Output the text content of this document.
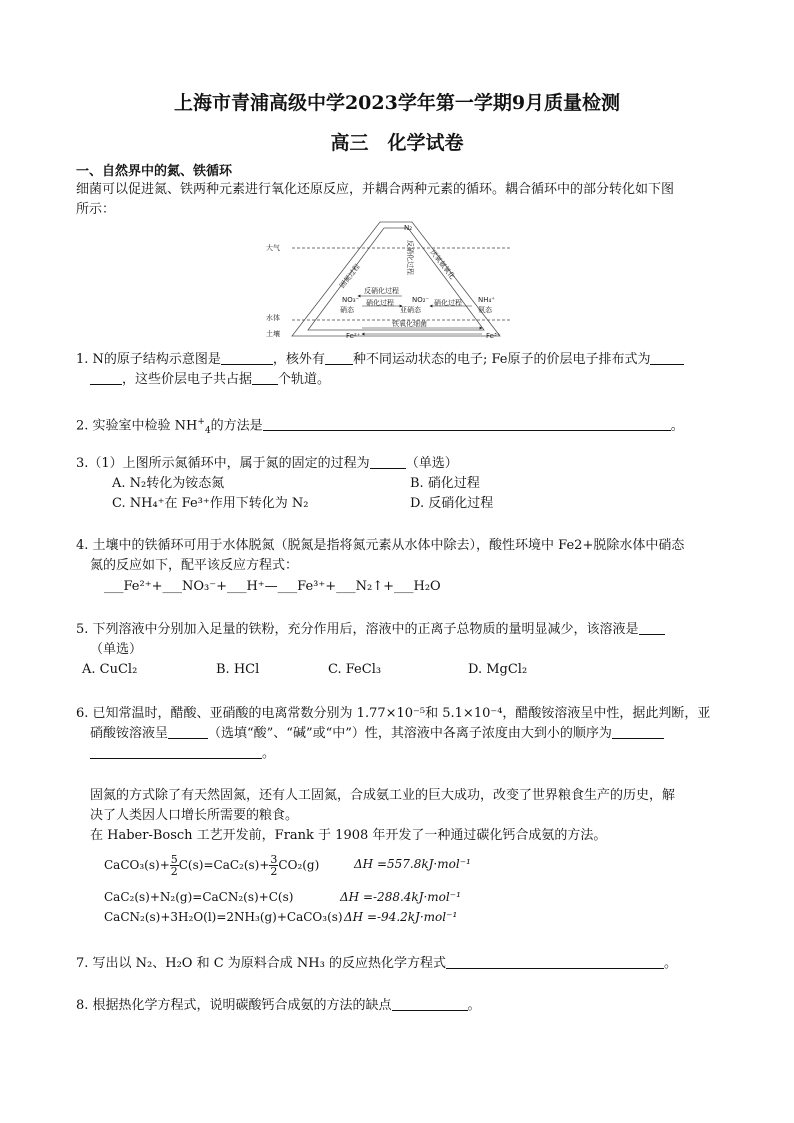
上海市青浦高级中学2023学年第一学期9月质量检测
高三　化学试卷
一、自然界中的氮、铁循环
细菌可以促进氮、铁两种元素进行氧化还原反应，并耦合两种元素的循环。耦合循环中的部分转化如下图
所示：
大气
水体
土壤
N₂
固氮过程
反硝化过程 厌氧氨氧化
NO₃⁻
硝态
NO₂⁻
亚硝态
NH₄⁺
氨态
反硝化过程
硝化过程	硝化过程
Fe²⁺	Fe³⁺
铁氧化细菌
1. N的原子结构示意图是	，核外有 种不同运动状态的电子; Fe原子的价层电子排布式为
，这些价层电子共占据 个轨道。
2. 实验室中检验 $NH^+_4$的方法是	。
3.（1）上图所示氮循环中，属于氮的固定的过程为	（单选）
A. N₂转化为铵态氮	B. 硝化过程
C. NH₄⁺在 Fe³⁺作用下转化为 N₂	D. 反硝化过程
4. 土壤中的铁循环可用于水体脱氮（脱氮是指将氮元素从水体中除去），酸性环境中 Fe2+脱除水体中硝态
氮的反应如下，配平该反应方程式：
___Fe²⁺+___NO₃⁻+___H⁺—___Fe³⁺+___N₂↑+___H₂O
5. 下列溶液中分别加入足量的铁粉，充分作用后，溶液中的正离子总物质的量明显减少，该溶液是
（单选）
A. CuCl₂	B. HCl	C. FeCl₃	D. MgCl₂
6. 已知常温时，醋酸、亚硝酸的电离常数分别为 1.77×10⁻⁵和 5.1×10⁻⁴，醋酸铵溶液呈中性，据此判断，亚
硝酸铵溶液呈	（选填“酸”、“碱”或“中”）性，其溶液中各离子浓度由大到小的顺序为
。
固氮的方式除了有天然固氮，还有人工固氮，合成氨工业的巨大成功，改变了世界粮食生产的历史，解
决了人类因人口增长所需要的粮食。
在 Haber-Bosch 工艺开发前，Frank 于 1908 年开发了一种通过碳化钙合成氨的方法。
CaCO₃(s)+ $\frac{5}{2} C(s)=CaC_2(s)+ \frac{3}{2} CO_2(g)$	ΔH =557.8kJ·mol⁻¹
CaC₂(s)+N₂(g)=CaCN₂(s)+C(s)	ΔH =-288.4kJ·mol⁻¹
CaCN₂(s)+3H₂O(l)=2NH₃(g)+CaCO₃(s) ΔH =-94.2kJ·mol⁻¹
7. 写出以 N₂、H₂O 和 C 为原料合成 NH₃ 的反应热化学方程式	。
8. 根据热化学方程式，说明碳酸钙合成氨的方法的缺点	。
